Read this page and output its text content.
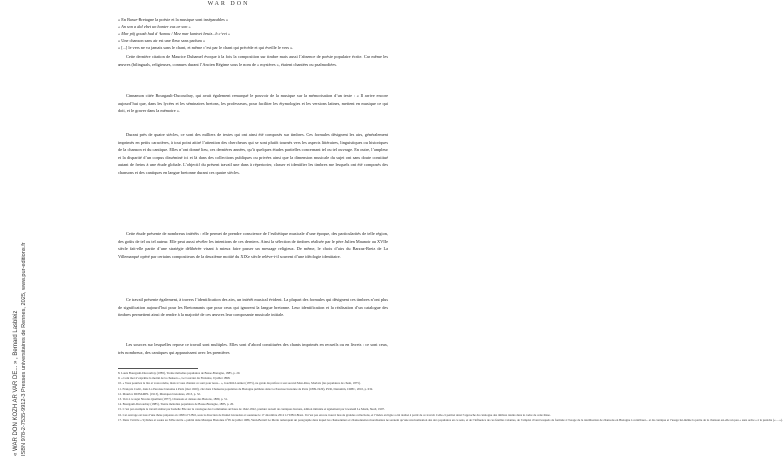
WAR DON
« En Basse-Bretagne la poésie et la musique sont inséparables »
« An son a dal ebet un hanter eus ar son »
« Mar pôj gouzh hud d ‘kanou / Mez mar kantvet bruiz...h c‘evi »
« Une chanson sans air est une fleur sans parfum »
« [...] le vers ne va jamais sans le chant, et même c’est par le chant qui précède et qui éveille le vers ».

Cette dernière citation de Maurice Duhamel évoque à la fois la composition sur timbre mais aussi l’absence de poésie populaire écrite. Car même les œuvres (bilinguals, religieuses, connues durant l’Ancien Régime sous le nom de « mystères », étaient chantées ou psalmodiées.

Cinnamon citée Bourgault-Ducoudray, qui avait également remarqué le pouvoir de la musique sur la mémorisation d’un texte : « Il arrive encore aujourd’hui que, dans les lycées et les séminaires bretons, les professeurs, pour faciliter les étymologies et les versions latines, mettent en musique ce qui doit, et le graver dans la mémoire ».

Durant près de quatre siècles, ce sont des milliers de textes qui ont ainsi été composés sur timbres. Ces formules désignent les airs, généralement imprimés en petits caractères, à tout point attiré l’attention des chercheurs qui se sont plutôt tournés vers les aspects littéraires, linguistiques ou historiques de la chanson et du cantique. Elles n’ont donné lieu, ces dernières années, qu’à quelques études partielles concernant tel ou tel ouvrage. En outre, l’ampleur et la disparité d’un corpus disséminé ici et là dans des collections publiques ou privées ainsi que la dimension musicale du sujet ont sans doute constitué autant de freins à une étude globale. L’objectif du présent travail une dans à répertorier, classer et identifier les timbres me lesquels ont été composés des chansons et des cantiques en langue bretonne durant ces quatre siècles.

Cette étude présente de nombreux intérêts : elle permet de prendre conscience de l’esthétique musicale d’une époque, des particularités de telle région, des goûts de tel ou tel auteur. Elle peut aussi révéler les intentions de ces derniers. Ainsi la sélection de timbres réalisée par le père Julien Maunoir au XVIIe siècle fait-elle partie d’une stratégie délibérée visant à mieux faire passer un message religieux. De même, le choix d’airs du Barzaz-Breiz de La Villemarqué opéré par certains compositeurs de la deuxième moitié du XIXe siècle relève-t-il souvent d’une idéologie identitaire.

Ce travail présente également, à travers l’identification des airs, un intérêt musical évident. La plupart des formules qui désignent ces timbres n’ont plus de signification aujourd’hui pour les Bretonnants que pour ceux qui ignorent la langue bretonne. Leur identification et la réalisation d’un catalogue des timbres permettent ainsi de rendre à la majorité de ces œuvres leur composante musicale initiale.

Les sources sur lesquelles repose ce travail sont multiples. Elles sont d’abord constituées des chants imprimés en recueils ou en livrets : ce sont ceux, très nombreux, des cantiques qui apparaissent avec les premières

8. Louis Bourgault-Ducoudray (1885), Trente mélodies populaires de Basse-Bretagne, 1885, p. 20.
9. « Cent mot n’exprime la moitié de la chanson », Le Courrier du Finistère, 9 juillet 1898.
10. « Vous pourriez le lire et vous rendre, mais si vous chantez ce sont pour nous... », Joachim Lannier (1875), ne garde du préface à son second Mon-Rios, Morlaix (les populaires de chant, 1875).
11. François Cadic, dans La Paroisse bretonne à Paris (mai 1920), cité dans Chansons populaires de Bretagne publiées dans La Paroisse bretonne de Paris (1899-1929), PUR, Dastumm, CRBC, 2010, p. 632.
12. Maurice DUHAMEL (1913), Musiques bretonnes, 2013, p. 32.
13. Voir à ce sujet Nicolas Quellien (1877), Chansons et danses des Bretons, 1889, p. 51.
14. Bourgault-Ducoudray (1885), Trente mélodies populaires de Basse-Bretagne, 1885, p. 20.
15. C’est par exemple le travail réalisé par Isabelle Elle sur le catalogue des Commumes arrivées de 1642-1822, premier recueil de cantiques bretons, édition intitulée et également par Gwenaël Le Moën, Skoll, 1997.
16. Cet ouvrage est issu d’une thèse préparée en 1998 à l’UBO, sous la direction de Daniel Giraudon et soutenue le 17 décembre 2012 à l’UBO-Brest. Il n’est pas encore trouvé lieu de grandes collections, et l’index en ligne a été réalisé à partir de ce travail. Celle-ci permet ainsi l’approche du catalogue des timbres réunis dans le cadre de cette thèse.
17. Dans l’article « Syllabes et sosies au XIXe siècle » publié dans Musique Bretonne n°95 de juillet 1986, Yann-Bertail Le Merle remarquait un paragraphe dans lequel les chansonniers et chansonnettes moralisantes ne seraient qu’une réactualisation des airs populaires en ce sens, et de l’influence de ces feuilles volantes, de l’emploi vivant lesquels de formule à l’usage de la réutilisation de chansons en Bretagne à contribuer... et du cantique et l’usage lui-même la partie de la chanson est-elle un peu « sans ordre » à la prendre (« ... »).
« WAR DON KOZH AR VAR DE... » , Bernard Lasbleiz ISBN 978-2-7535-9912-3 Presses universitaires de Rennes, 2025, www.pur-editions.fr
